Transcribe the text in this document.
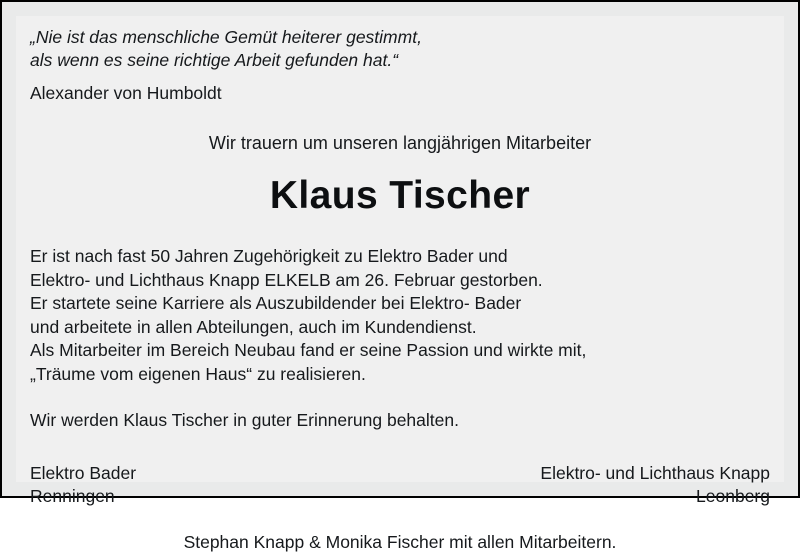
„Nie ist das menschliche Gemüt heiterer gestimmt,
als wenn es seine richtige Arbeit gefunden hat.“
Alexander von Humboldt
Wir trauern um unseren langjährigen Mitarbeiter
Klaus Tischer
Er ist nach fast 50 Jahren Zugehörigkeit zu Elektro Bader und
Elektro- und Lichthaus Knapp ELKELB am 26. Februar gestorben.
Er startete seine Karriere als Auszubildender bei Elektro- Bader
und arbeitete in allen Abteilungen, auch im Kundendienst.
Als Mitarbeiter im Bereich Neubau fand er seine Passion und wirkte mit,
„Träume vom eigenen Haus“ zu realisieren.
Wir werden Klaus Tischer in guter Erinnerung behalten.
Elektro Bader
Renningen
Elektro- und Lichthaus Knapp
Leonberg
Stephan Knapp & Monika Fischer mit allen Mitarbeitern.
